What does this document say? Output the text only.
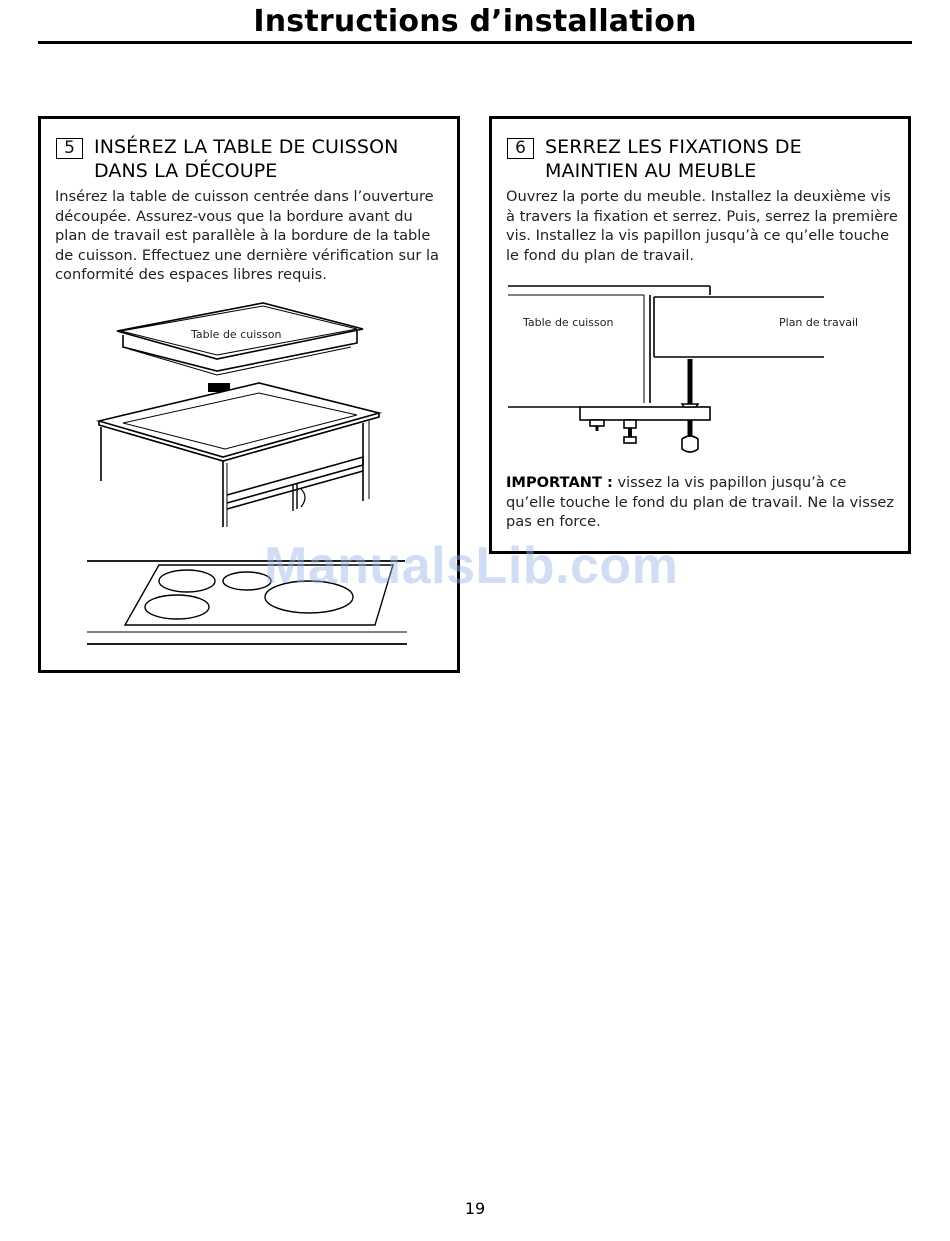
Instructions d’installation
5	INSÉREZ LA TABLE DE CUISSON
DANS LA DÉCOUPE
Insérez la table de cuisson centrée dans l’ouverture découpée. Assurez-vous que la bordure avant du plan de travail est parallèle à la bordure de la table de cuisson. Effectuez une dernière vérification sur la conformité des espaces libres requis.
Table de cuisson
6	SERREZ LES FIXATIONS DE
MAINTIEN AU MEUBLE
Ouvrez la porte du meuble. Installez la deuxième vis à travers la fixation et serrez. Puis, serrez la première vis. Installez la vis papillon jusqu’à ce qu’elle touche le fond du plan de travail.
Table de cuisson	Plan de travail
IMPORTANT : vissez la vis papillon jusqu’à ce qu’elle touche le fond du plan de travail. Ne la vissez pas en force.
ManualsLib.com
19
